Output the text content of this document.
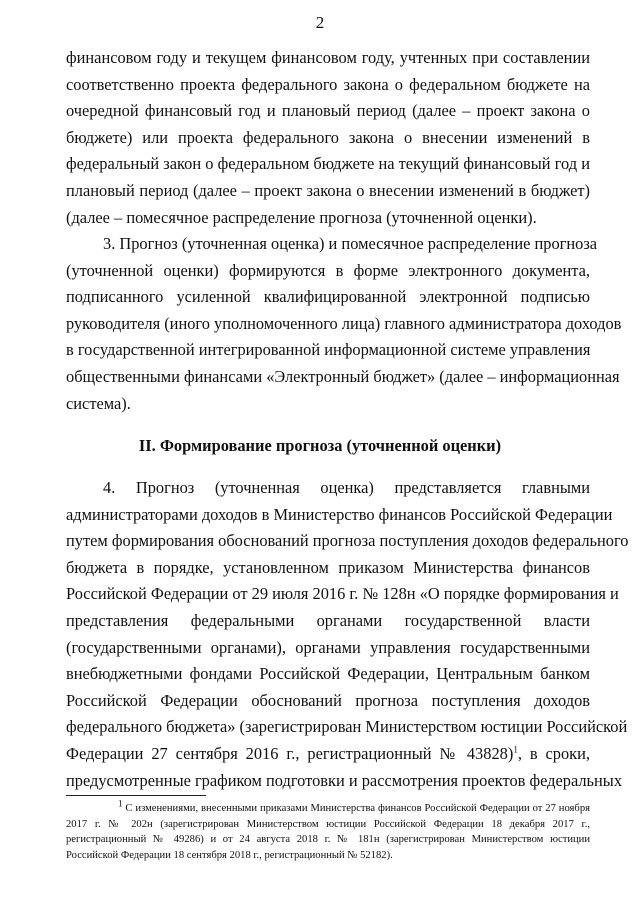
2
финансовом году и текущем финансовом году, учтенных при составлении
соответственно проекта федерального закона о федеральном бюджете на
очередной финансовый год и плановый период (далее – проект закона о
бюджете) или проекта федерального закона о внесении изменений в
федеральный закон о федеральном бюджете на текущий финансовый год и
плановый период (далее – проект закона о внесении изменений в бюджет)
(далее – помесячное распределение прогноза (уточненной оценки).
3. Прогноз (уточненная оценка) и помесячное распределение прогноза
(уточненной оценки) формируются в форме электронного документа,
подписанного усиленной квалифицированной электронной подписью
руководителя (иного уполномоченного лица) главного администратора доходов
в государственной интегрированной информационной системе управления
общественными финансами «Электронный бюджет» (далее – информационная
система).
II. Формирование прогноза (уточненной оценки)
4. Прогноз (уточненная оценка) представляется главными
администраторами доходов в Министерство финансов Российской Федерации
путем формирования обоснований прогноза поступления доходов федерального
бюджета в порядке, установленном приказом Министерства финансов
Российской Федерации от 29 июля 2016 г. № 128н «О порядке формирования и
представления федеральными органами государственной власти
(государственными органами), органами управления государственными
внебюджетными фондами Российской Федерации, Центральным банком
Российской Федерации обоснований прогноза поступления доходов
федерального бюджета» (зарегистрирован Министерством юстиции Российской
Федерации 27 сентября 2016 г., регистрационный № 43828)$^1$, в сроки,
предусмотренные графиком подготовки и рассмотрения проектов федеральных
$^1$ С изменениями, внесенными приказами Министерства финансов Российской Федерации от 27 ноября
2017 г. № 202н (зарегистрирован Министерством юстиции Российской Федерации 18 декабря 2017 г.,
регистрационный № 49286) и от 24 августа 2018 г. № 181н (зарегистрирован Министерством юстиции
Российской Федерации 18 сентября 2018 г., регистрационный № 52182).
